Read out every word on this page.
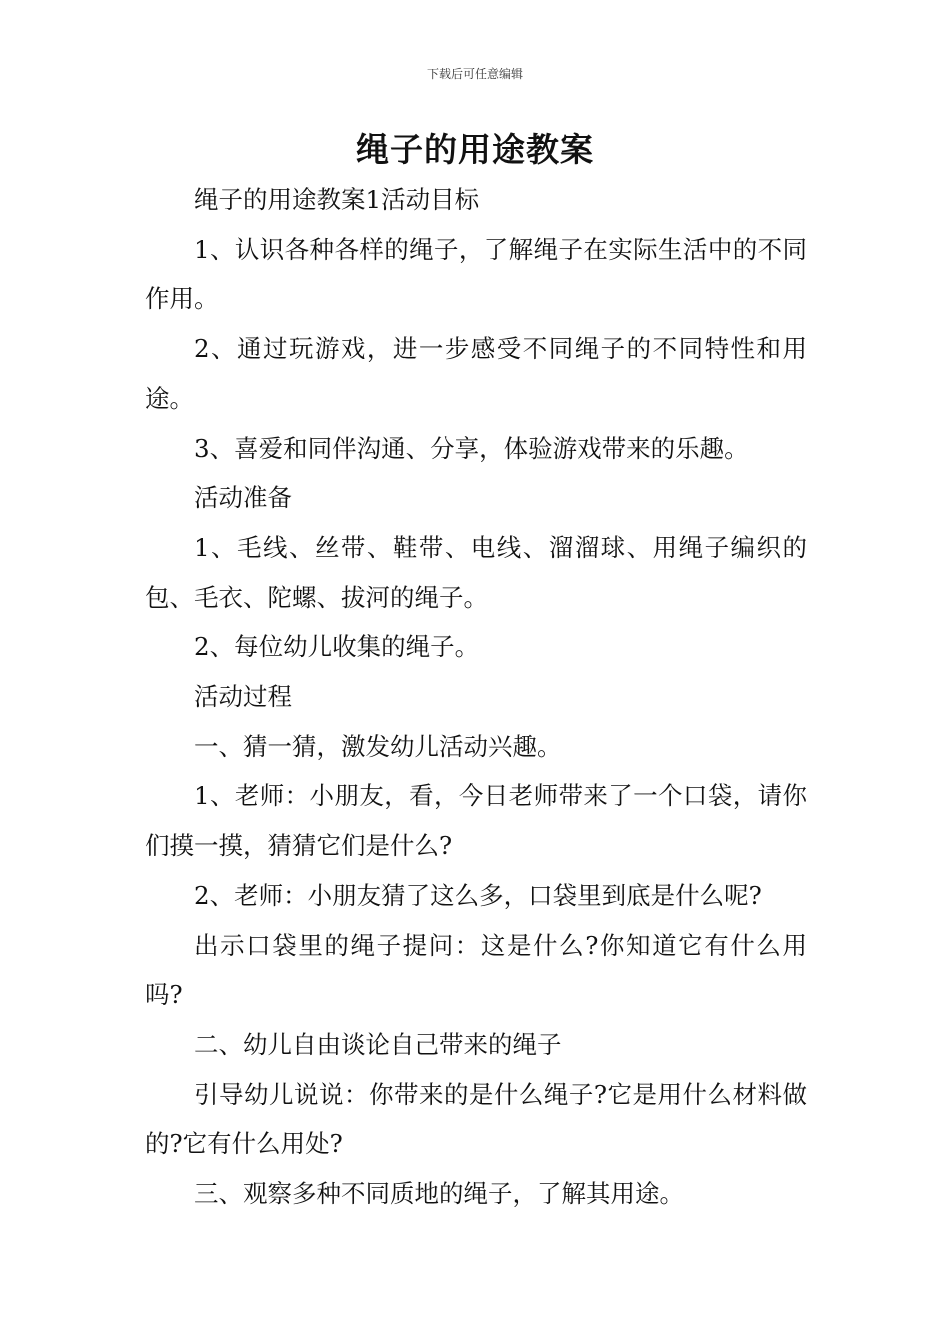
下载后可任意编辑
绳子的用途教案

绳子的用途教案1活动目标

1、认识各种各样的绳子，了解绳子在实际生活中的不同作用。

2、通过玩游戏，进一步感受不同绳子的不同特性和用途。

3、喜爱和同伴沟通、分享，体验游戏带来的乐趣。

活动准备

1、毛线、丝带、鞋带、电线、溜溜球、用绳子编织的包、毛衣、陀螺、拔河的绳子。

2、每位幼儿收集的绳子。

活动过程

一、猜一猜，激发幼儿活动兴趣。

1、老师：小朋友，看，今日老师带来了一个口袋，请你们摸一摸，猜猜它们是什么?

2、老师：小朋友猜了这么多，口袋里到底是什么呢?

出示口袋里的绳子提问：这是什么?你知道它有什么用吗?

二、幼儿自由谈论自己带来的绳子

引导幼儿说说：你带来的是什么绳子?它是用什么材料做的?它有什么用处?

三、观察多种不同质地的绳子，了解其用途。
